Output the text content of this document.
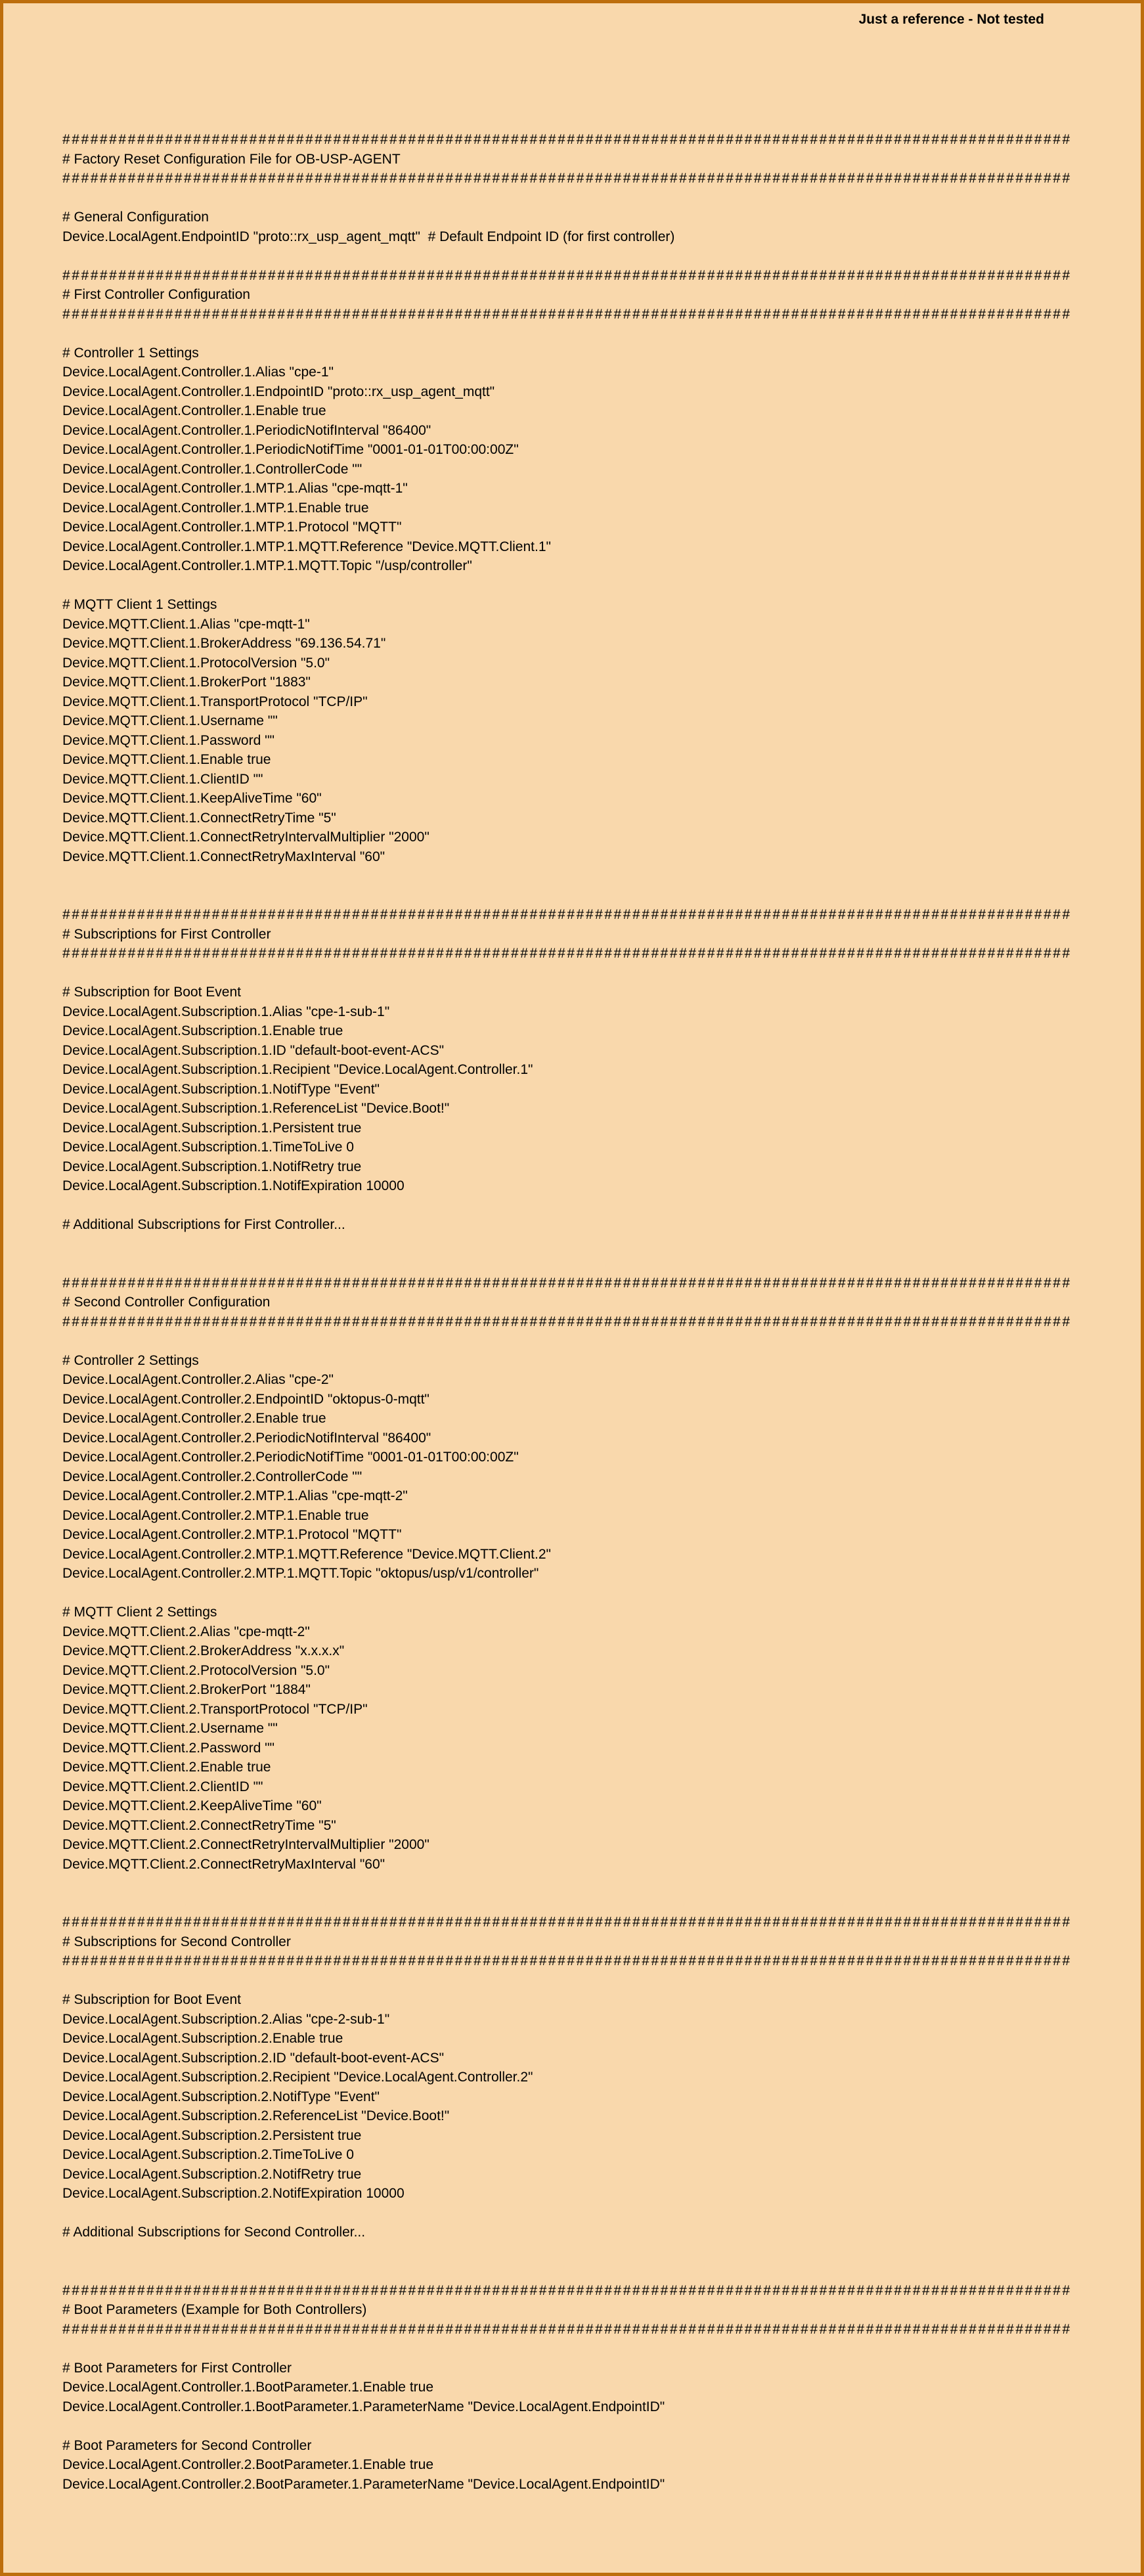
Just a reference - Not tested
############################################################################################################
# Factory Reset Configuration File for OB-USP-AGENT
############################################################################################################
# General Configuration
Device.LocalAgent.EndpointID "proto::rx_usp_agent_mqtt"  # Default Endpoint ID (for first controller)
############################################################################################################
# First Controller Configuration
############################################################################################################
# Controller 1 Settings
Device.LocalAgent.Controller.1.Alias "cpe-1"
Device.LocalAgent.Controller.1.EndpointID "proto::rx_usp_agent_mqtt"
Device.LocalAgent.Controller.1.Enable true
Device.LocalAgent.Controller.1.PeriodicNotifInterval "86400"
Device.LocalAgent.Controller.1.PeriodicNotifTime "0001-01-01T00:00:00Z"
Device.LocalAgent.Controller.1.ControllerCode ""
Device.LocalAgent.Controller.1.MTP.1.Alias "cpe-mqtt-1"
Device.LocalAgent.Controller.1.MTP.1.Enable true
Device.LocalAgent.Controller.1.MTP.1.Protocol "MQTT"
Device.LocalAgent.Controller.1.MTP.1.MQTT.Reference "Device.MQTT.Client.1"
Device.LocalAgent.Controller.1.MTP.1.MQTT.Topic "/usp/controller"
# MQTT Client 1 Settings
Device.MQTT.Client.1.Alias "cpe-mqtt-1"
Device.MQTT.Client.1.BrokerAddress "69.136.54.71"
Device.MQTT.Client.1.ProtocolVersion "5.0"
Device.MQTT.Client.1.BrokerPort "1883"
Device.MQTT.Client.1.TransportProtocol "TCP/IP"
Device.MQTT.Client.1.Username ""
Device.MQTT.Client.1.Password ""
Device.MQTT.Client.1.Enable true
Device.MQTT.Client.1.ClientID ""
Device.MQTT.Client.1.KeepAliveTime "60"
Device.MQTT.Client.1.ConnectRetryTime "5"
Device.MQTT.Client.1.ConnectRetryIntervalMultiplier "2000"
Device.MQTT.Client.1.ConnectRetryMaxInterval "60"
############################################################################################################
# Subscriptions for First Controller
############################################################################################################
# Subscription for Boot Event
Device.LocalAgent.Subscription.1.Alias "cpe-1-sub-1"
Device.LocalAgent.Subscription.1.Enable true
Device.LocalAgent.Subscription.1.ID "default-boot-event-ACS"
Device.LocalAgent.Subscription.1.Recipient "Device.LocalAgent.Controller.1"
Device.LocalAgent.Subscription.1.NotifType "Event"
Device.LocalAgent.Subscription.1.ReferenceList "Device.Boot!"
Device.LocalAgent.Subscription.1.Persistent true
Device.LocalAgent.Subscription.1.TimeToLive 0
Device.LocalAgent.Subscription.1.NotifRetry true
Device.LocalAgent.Subscription.1.NotifExpiration 10000
# Additional Subscriptions for First Controller...
############################################################################################################
# Second Controller Configuration
############################################################################################################
# Controller 2 Settings
Device.LocalAgent.Controller.2.Alias "cpe-2"
Device.LocalAgent.Controller.2.EndpointID "oktopus-0-mqtt"
Device.LocalAgent.Controller.2.Enable true
Device.LocalAgent.Controller.2.PeriodicNotifInterval "86400"
Device.LocalAgent.Controller.2.PeriodicNotifTime "0001-01-01T00:00:00Z"
Device.LocalAgent.Controller.2.ControllerCode ""
Device.LocalAgent.Controller.2.MTP.1.Alias "cpe-mqtt-2"
Device.LocalAgent.Controller.2.MTP.1.Enable true
Device.LocalAgent.Controller.2.MTP.1.Protocol "MQTT"
Device.LocalAgent.Controller.2.MTP.1.MQTT.Reference "Device.MQTT.Client.2"
Device.LocalAgent.Controller.2.MTP.1.MQTT.Topic "oktopus/usp/v1/controller"
# MQTT Client 2 Settings
Device.MQTT.Client.2.Alias "cpe-mqtt-2"
Device.MQTT.Client.2.BrokerAddress "x.x.x.x"
Device.MQTT.Client.2.ProtocolVersion "5.0"
Device.MQTT.Client.2.BrokerPort "1884"
Device.MQTT.Client.2.TransportProtocol "TCP/IP"
Device.MQTT.Client.2.Username ""
Device.MQTT.Client.2.Password ""
Device.MQTT.Client.2.Enable true
Device.MQTT.Client.2.ClientID ""
Device.MQTT.Client.2.KeepAliveTime "60"
Device.MQTT.Client.2.ConnectRetryTime "5"
Device.MQTT.Client.2.ConnectRetryIntervalMultiplier "2000"
Device.MQTT.Client.2.ConnectRetryMaxInterval "60"
############################################################################################################
# Subscriptions for Second Controller
############################################################################################################
# Subscription for Boot Event
Device.LocalAgent.Subscription.2.Alias "cpe-2-sub-1"
Device.LocalAgent.Subscription.2.Enable true
Device.LocalAgent.Subscription.2.ID "default-boot-event-ACS"
Device.LocalAgent.Subscription.2.Recipient "Device.LocalAgent.Controller.2"
Device.LocalAgent.Subscription.2.NotifType "Event"
Device.LocalAgent.Subscription.2.ReferenceList "Device.Boot!"
Device.LocalAgent.Subscription.2.Persistent true
Device.LocalAgent.Subscription.2.TimeToLive 0
Device.LocalAgent.Subscription.2.NotifRetry true
Device.LocalAgent.Subscription.2.NotifExpiration 10000
# Additional Subscriptions for Second Controller...
############################################################################################################
# Boot Parameters (Example for Both Controllers)
############################################################################################################
# Boot Parameters for First Controller
Device.LocalAgent.Controller.1.BootParameter.1.Enable true
Device.LocalAgent.Controller.1.BootParameter.1.ParameterName "Device.LocalAgent.EndpointID"
# Boot Parameters for Second Controller
Device.LocalAgent.Controller.2.BootParameter.1.Enable true
Device.LocalAgent.Controller.2.BootParameter.1.ParameterName "Device.LocalAgent.EndpointID"
